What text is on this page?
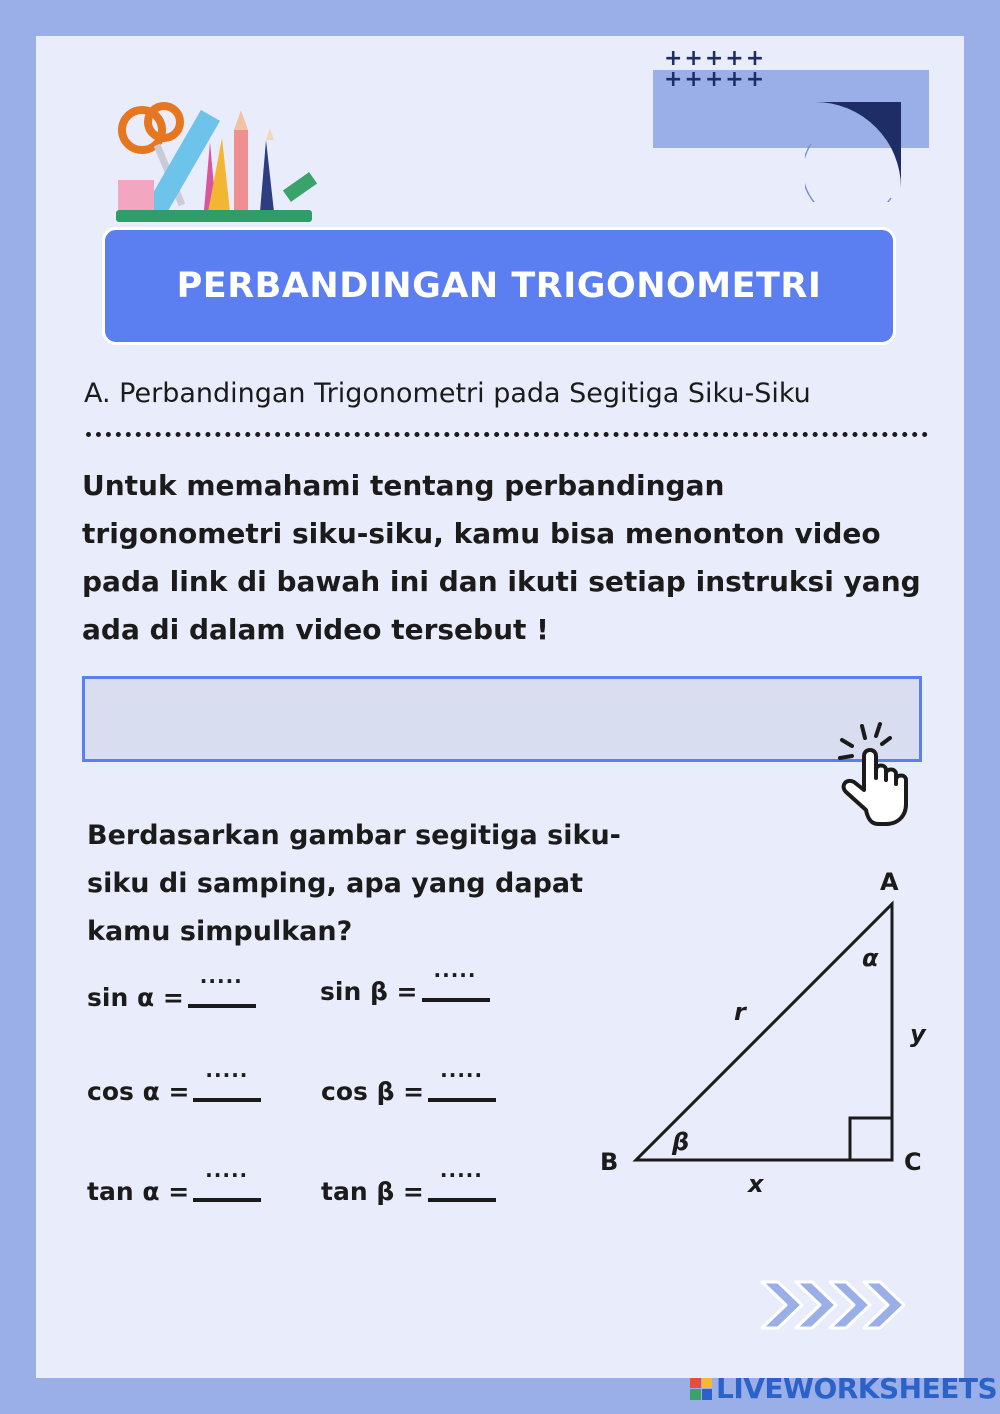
+++++
+++++
PERBANDINGAN TRIGONOMETRI
A. Perbandingan Trigonometri pada Segitiga Siku-Siku
Untuk memahami tentang perbandingan trigonometri siku-siku, kamu bisa menonton video pada link di bawah ini dan ikuti setiap instruksi yang ada di dalam video tersebut !
Berdasarkan gambar segitiga siku-siku di samping, apa yang dapat kamu simpulkan?
sin α =
.....
sin β =
.....
cos α =
.....
cos β =
.....
tan α =
.....
tan β =
.....
A
B	C
α
β
r
y
x
LIVEWORKSHEETS
